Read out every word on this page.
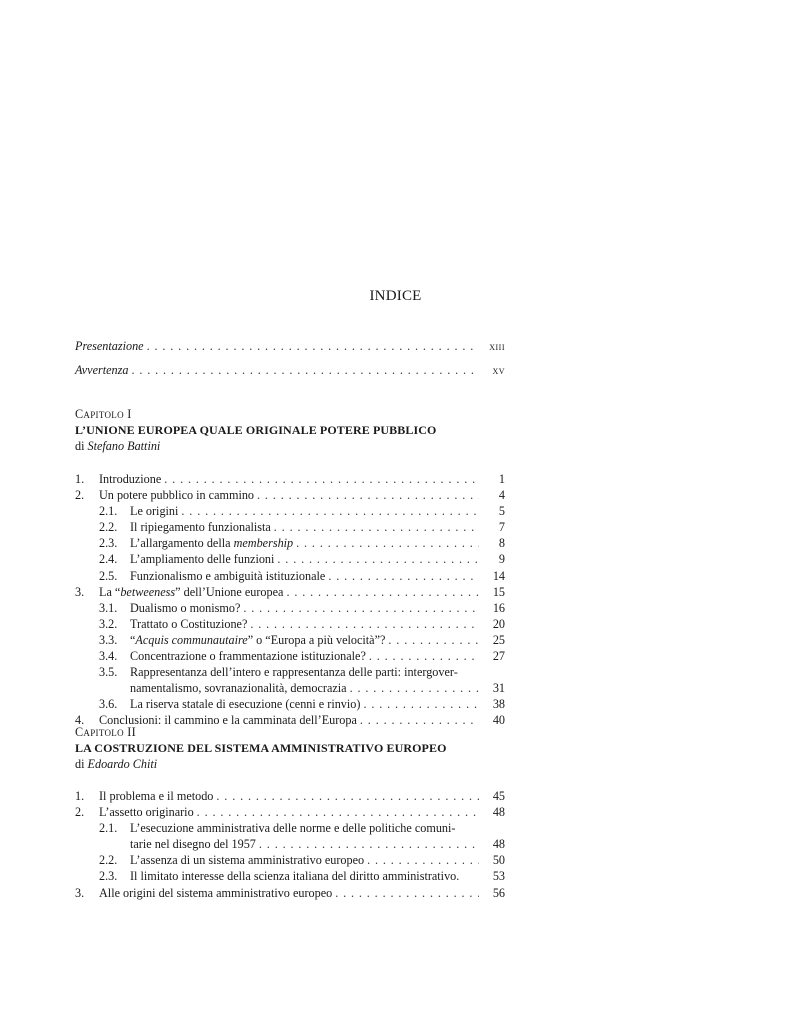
INDICE
Presentazione . . .	xiii
Avvertenza . . .	xv
Capitolo I
L’UNIONE EUROPEA QUALE ORIGINALE POTERE PUBBLICO
di Stefano Battini
1.	Introduzione . . .	1
2.	Un potere pubblico in cammino . . .	4
2.1.	Le origini . . .	5
2.2.	Il ripiegamento funzionalista . . .	7
2.3.	L’allargamento della membership . . .	8
2.4.	L’ampliamento delle funzioni . . .	9
2.5.	Funzionalismo e ambiguità istituzionale . . .	14
3.	La “betweeness” dell’Unione europea . . .	15
3.1.	Dualismo o monismo? . . .	16
3.2.	Trattato o Costituzione? . . .	20
3.3.	“Acquis communautaire” o “Europa a più velocità”? . . .	25
3.4.	Concentrazione o frammentazione istituzionale? . . .	27
3.5.	Rappresentanza dell’intero e rappresentanza delle parti: intergover-
namentalismo, sovranazionalità, democrazia . . .	31
3.6.	La riserva statale di esecuzione (cenni e rinvio) . . .	38
4.	Conclusioni: il cammino e la camminata dell’Europa . . .	40
Capitolo II
LA COSTRUZIONE DEL SISTEMA AMMINISTRATIVO EUROPEO
di Edoardo Chiti
1.	Il problema e il metodo . . .	45
2.	L’assetto originario . . .	48
2.1.	L’esecuzione amministrativa delle norme e delle politiche comuni-
tarie nel disegno del 1957 . . .	48
2.2.	L’assenza di un sistema amministrativo europeo . . .	50
2.3.	Il limitato interesse della scienza italiana del diritto amministrativo.	53
3.	Alle origini del sistema amministrativo europeo . . .	56
